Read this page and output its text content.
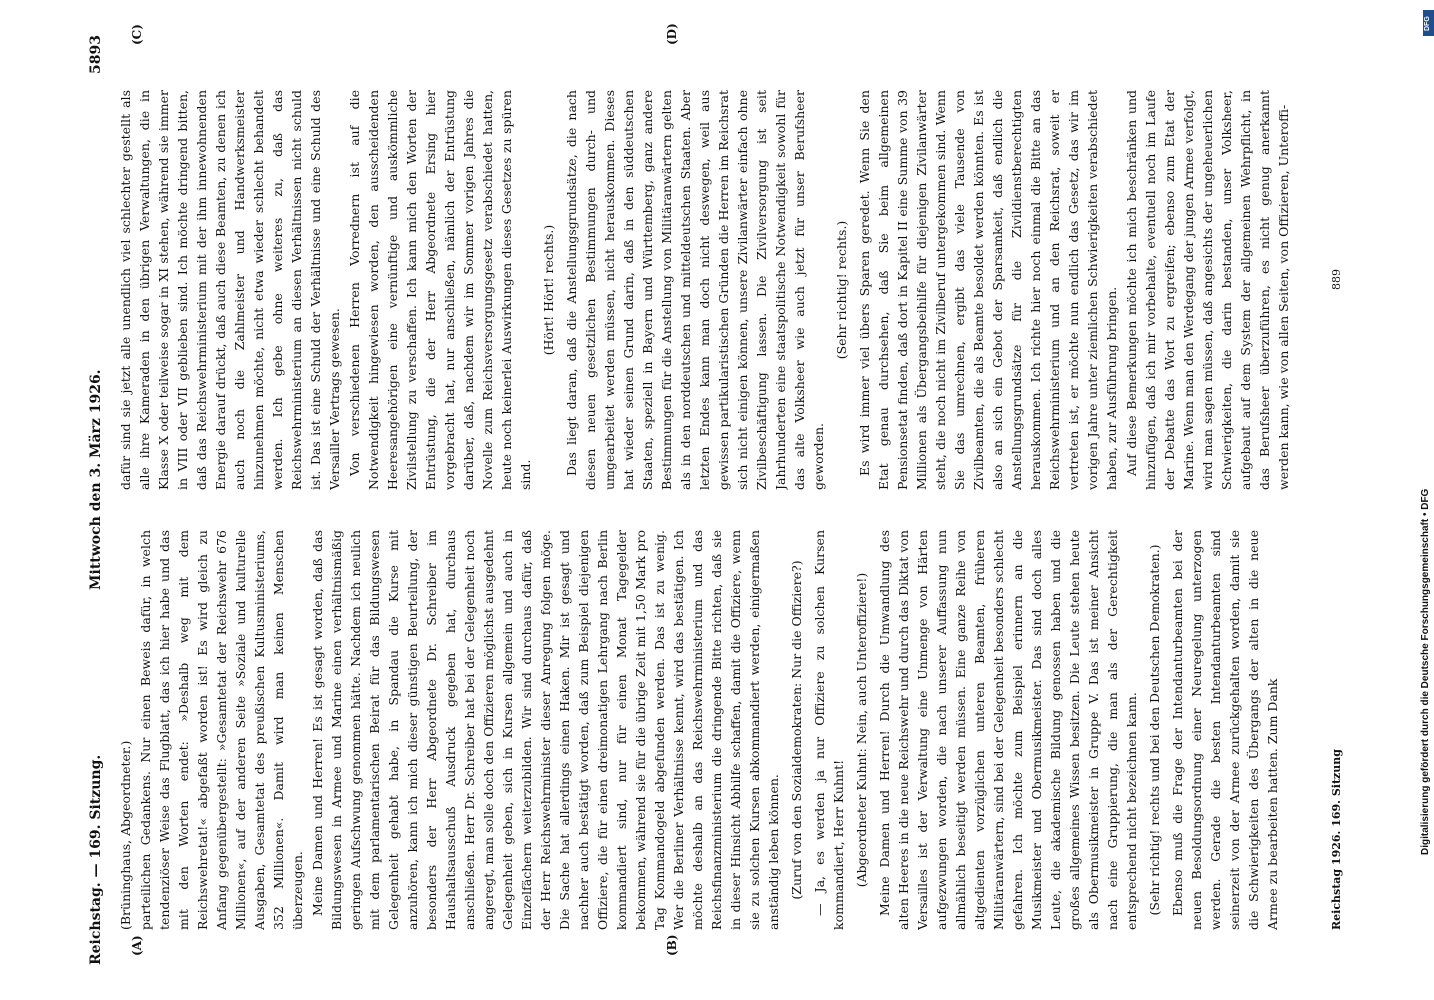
Reichstag. — 169. Sitzung.
Mittwoch den 3. März 1926.
5893
(A)	(B)
(C)	(D)

(Brüninghaus, Abgeordneter.) parteilichen Gedankens. Nur einen Beweis dafür, in welch tendenziöser Weise das Flugblatt, das ich hier habe und das mit den Worten endet: »Deshalb weg mit dem Reichswehretat!« abgefaßt worden ist! Es wird gleich zu Anfang gegenübergestellt: »Gesamtetat der Reichswehr 676 Millionen«, auf der anderen Seite »Soziale und kulturelle Ausgaben, Gesamtetat des preußischen Kultusministeriums, 352 Millionen«. Damit wird man keinen Menschen überzeugen. Meine Damen und Herren! Es ist gesagt worden, daß das Bildungswesen in Armee und Marine einen verhältnismäßig geringen Aufschwung genommen hätte. Nachdem ich neulich mit dem parlamentarischen Beirat für das Bildungswesen Gelegenheit gehabt habe, in Spandau die Kurse mit anzuhören, kann ich mich dieser günstigen Beurteilung, der besonders der Herr Abgeordnete Dr. Schreiber im Haushaltsausschuß Ausdruck gegeben hat, durchaus anschließen. Herr Dr. Schreiber hat bei der Gelegenheit noch angeregt, man solle doch den Offizieren möglichst ausgedehnt Gelegenheit geben, sich in Kursen allgemein und auch in Einzelfächern weiterzubilden. Wir sind durchaus dafür, daß der Herr Reichswehrminister dieser Anregung folgen möge. Die Sache hat allerdings einen Haken. Mir ist gesagt und nachher auch bestätigt worden, daß zum Beispiel diejenigen Offiziere, die für einen dreimonatigen Lehrgang nach Berlin kommandiert sind, nur für einen Monat Tagegelder bekommen, während sie für die übrige Zeit mit 1,50 Mark pro Tag Kommandogeld abgefunden werden. Das ist zu wenig. Wer die Berliner Verhältnisse kennt, wird das bestätigen. Ich möchte deshalb an das Reichswehrministerium und das Reichsfinanzministerium die dringende Bitte richten, daß sie in dieser Hinsicht Abhilfe schaffen, damit die Offiziere, wenn sie zu solchen Kursen abkommandiert werden, einigermaßen anständig leben können. (Zuruf von den Sozialdemokraten: Nur die Offiziere?) — Ja, es werden ja nur Offiziere zu solchen Kursen kommandiert, Herr Kuhnt! (Abgeordneter Kuhnt: Nein, auch Unteroffiziere!) Meine Damen und Herren! Durch die Umwandlung des alten Heeres in die neue Reichswehr und durch das Diktat von Versailles ist der Verwaltung eine Unmenge von Härten aufgezwungen worden, die nach unserer Auffassung nun allmählich beseitigt werden müssen. Eine ganze Reihe von altgedienten vorzüglichen unteren Beamten, früheren Militäranwärtern, sind bei der Gelegenheit besonders schlecht gefahren. Ich möchte zum Beispiel erinnern an die Musikmeister und Obermusikmeister. Das sind doch alles Leute, die akademische Bildung genossen haben und die großes allgemeines Wissen besitzen. Die Leute stehen heute als Obermusikmeister in Gruppe V. Das ist meiner Ansicht nach eine Gruppierung, die man als der Gerechtigkeit entsprechend nicht bezeichnen kann. (Sehr richtig! rechts und bei den Deutschen Demokraten.) Ebenso muß die Frage der Intendanturbeamten bei der neuen Besoldungsordnung einer Neuregelung unterzogen werden. Gerade die besten Intendanturbeamten sind seinerzeit von der Armee zurückgehalten worden, damit sie die Schwierigkeiten des Übergangs der alten in die neue Armee zu bearbeiten hatten. Zum Dank

dafür sind sie jetzt alle unendlich viel schlechter gestellt als alle ihre Kameraden in den übrigen Verwaltungen, die in Klasse X oder teilweise sogar in XI stehen, während sie immer in VIII oder VII geblieben sind. Ich möchte dringend bitten, daß das Reichswehrministerium mit der ihm innewohnenden Energie darauf drückt, daß auch diese Beamten, zu denen ich auch noch die Zahlmeister und Handwerksmeister hinzunehmen möchte, nicht etwa wieder schlecht behandelt werden. Ich gebe ohne weiteres zu, daß das Reichswehrministerium an diesen Verhältnissen nicht schuld ist. Das ist eine Schuld der Verhältnisse und eine Schuld des Versailler Vertrags gewesen. Von verschiedenen Herren Vorrednern ist auf die Notwendigkeit hingewiesen worden, den ausscheidenden Heeresangehörigen eine vernünftige und auskömmliche Zivilstellung zu verschaffen. Ich kann mich den Worten der Entrüstung, die der Herr Abgeordnete Ersing hier vorgebracht hat, nur anschließen, nämlich der Entrüstung darüber, daß, nachdem wir im Sommer vorigen Jahres die Novelle zum Reichsversorgungsgesetz verabschiedet hatten, heute noch keinerlei Auswirkungen dieses Gesetzes zu spüren sind.

(Hört! Hört! rechts.) Das liegt daran, daß die Anstellungsgrundsätze, die nach diesen neuen gesetzlichen Bestimmungen durch- und umgearbeitet werden müssen, nicht herauskommen. Dieses hat wieder seinen Grund darin, daß in den süddeutschen Staaten, speziell in Bayern und Württemberg, ganz andere Bestimmungen für die Anstellung von Militäranwärtern gelten als in den norddeutschen und mitteldeutschen Staaten. Aber letzten Endes kann man doch nicht deswegen, weil aus gewissen partikularistischen Gründen die Herren im Reichsrat sich nicht einigen können, unsere Zivilanwärter einfach ohne Zivilbeschäftigung lassen. Die Zivilversorgung ist seit Jahrhunderten eine staatspolitische Notwendigkeit sowohl für das alte Volksheer wie auch jetzt für unser Berufsheer geworden.

(Sehr richtig! rechts.) Es wird immer viel übers Sparen geredet. Wenn Sie den Etat genau durchsehen, daß Sie beim allgemeinen Pensionsetat finden, daß dort in Kapitel II eine Summe von 39 Millionen als Übergangsbeihilfe für diejenigen Zivilanwärter steht, die noch nicht im Zivilberuf untergekommen sind. Wenn Sie das umrechnen, ergibt das viele Tausende von Zivilbeamten, die als Beamte besoldet werden könnten. Es ist also an sich ein Gebot der Sparsamkeit, daß endlich die Anstellungsgrundsätze für die Zivildienstberechtigten herauskommen. Ich richte hier noch einmal die Bitte an das Reichswehrministerium und an den Reichsrat, soweit er vertreten ist, er möchte nun endlich das Gesetz, das wir im vorigen Jahre unter ziemlichen Schwierigkeiten verabschiedet haben, zur Ausführung bringen. Auf diese Bemerkungen möchte ich mich beschränken und hinzufügen, daß ich mir vorbehalte, eventuell noch im Laufe der Debatte das Wort zu ergreifen; ebenso zum Etat der Marine. Wenn man den Werdegang der jungen Armee verfolgt, wird man sagen müssen, daß angesichts der ungeheuerlichen Schwierigkeiten, die darin bestanden, unser Volksheer, aufgebaut auf dem System der allgemeinen Wehrpflicht, in das Berufsheer überzuführen, es nicht genug anerkannt werden kann, wie von allen Seiten, von Offizieren, Unteroffi-

Reichstag 1926. 169. Sitzung
889
DFG
Digitalisierung gefördert durch die Deutsche Forschungsgemeinschaft • DFG
